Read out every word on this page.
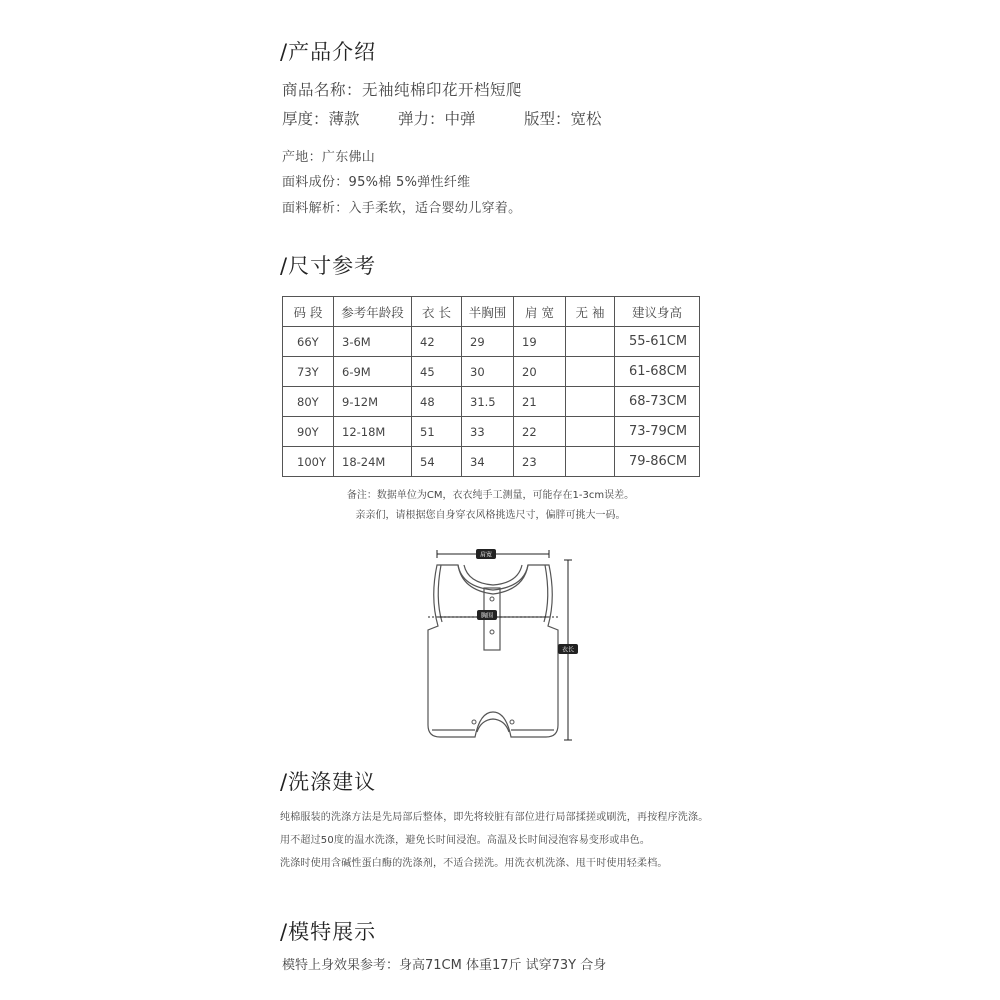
/产品介绍
商品名称：无袖纯棉印花开档短爬
厚度：薄款 弹力：中弹	版型：宽松
产地：广东佛山
面料成份：95%棉 5%弹性纤维
面料解析：入手柔软，适合婴幼儿穿着。
/尺寸参考
码 段	参考年龄段	衣 长	半胸围	肩 宽	无 袖	建议身高
66Y	3-6M	42	29	19		55-61CM
73Y	6-9M	45	30	20		61-68CM
80Y	9-12M	48	31.5	21		68-73CM
90Y	12-18M	51	33	22		73-79CM
100Y	18-24M	54	34	23		79-86CM
备注：数据单位为CM，衣衣纯手工测量，可能存在1-3cm误差。
亲亲们，请根据您自身穿衣风格挑选尺寸，偏胖可挑大一码。
肩宽
胸围
衣长
/洗涤建议
纯棉服装的洗涤方法是先局部后整体，即先将较脏有部位进行局部揉搓或刷洗，再按程序洗涤。
用不超过50度的温水洗涤，避免长时间浸泡。高温及长时间浸泡容易变形或串色。
洗涤时使用含碱性蛋白酶的洗涤剂，不适合搓洗。用洗衣机洗涤、甩干时使用轻柔档。
/模特展示
模特上身效果参考：身高71CM 体重17斤 试穿73Y 合身
